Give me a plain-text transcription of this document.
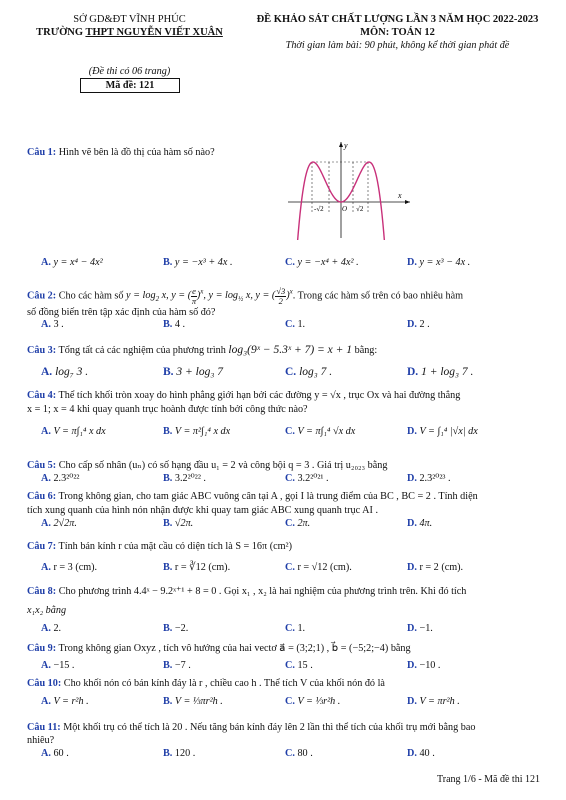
SỞ GD&ĐT VĨNH PHÚC
TRƯỜNG THPT NGUYỄN VIẾT XUÂN
(Đề thi có 06 trang)
Mã đề: 121
ĐỀ KHẢO SÁT CHẤT LƯỢNG LẦN 3 NĂM HỌC 2022-2023
MÔN: TOÁN 12
Thời gian làm bài: 90 phút, không kể thời gian phát đề
y
x
O
-√2	√2
Câu 1: Hình vẽ bên là đồ thị của hàm số nào?
A. y = x⁴ − 4x²	B. y = −x³ + 4x .	C. y = −x⁴ + 4x² .	D. y = x³ − 4x .
Câu 2: Cho các hàm số $y = \log_2 x$, y = ( $\frac{e}{\pi} )^x$, $y = \log_{\frac{1}{2}} x$, y = ( $\frac{√3}{2} )^x$. Trong các hàm số trên có bao nhiêu hàm
số đồng biến trên tập xác định của hàm số đó?
A. 3 .	B. 4 .	C. 1.	D. 2 .
Câu 3: Tổng tất cả các nghiệm của phương trình log₃(9ˣ − 5.3ˣ + 7) = x + 1 bằng:
A. log₇ 3 .	B. 3 + log₃ 7	C. log₃ 7 .	D. 1 + log₃ 7 .
Câu 4: Thể tích khối tròn xoay do hình phẳng giới hạn bởi các đường y = √x , trục Ox và hai đường thẳng
x = 1; x = 4 khi quay quanh trục hoành được tính bởi công thức nào?
A. V = π∫₁⁴ x dx	B. V = π²∫₁⁴ x dx	C. V = π∫₁⁴ √x dx	D. V = ∫₁⁴ |√x| dx
Câu 5: Cho cấp số nhân (uₙ) có số hạng đầu u₁ = 2 và công bội q = 3 . Giá trị u₂₀₂₃ bằng
A. 2.3²⁰²²	B. 3.2²⁰²² .	C. 3.2²⁰²¹ .	D. 2.3²⁰²³ .
Câu 6: Trong không gian, cho tam giác ABC vuông cân tại A , gọi I là trung điểm của BC , BC = 2 . Tính diện
tích xung quanh của hình nón nhận được khi quay tam giác ABC xung quanh trục AI .
A. 2√2π.	B. √2π.	C. 2π.	D. 4π.
Câu 7: Tính bán kính r của mặt cầu có diện tích là S = 16π (cm²)
A. r = 3 (cm).	B. r = ∛12 (cm).	C. r = √12 (cm).	D. r = 2 (cm).
Câu 8: Cho phương trình 4.4ˣ − 9.2ˣ⁺¹ + 8 = 0 . Gọi x₁ , x₂ là hai nghiệm của phương trình trên. Khi đó tích
x₁x₂ bằng
A. 2.	B. −2.	C. 1.	D. −1.
Câu 9: Trong không gian Oxyz , tích vô hướng của hai vectơ a⃗ = (3;2;1) , b⃗ = (−5;2;−4) bằng
A. −15 .	B. −7 .	C. 15 .	D. −10 .
Câu 10: Cho khối nón có bán kính đáy là r , chiều cao h . Thể tích V của khối nón đó là
A. V = r²h .	B. V = ⅓πr²h .	C. V = ⅓r²h .	D. V = πr²h .
Câu 11: Một khối trụ có thể tích là 20 . Nếu tăng bán kính đáy lên 2 lần thì thể tích của khối trụ mới bằng bao
nhiêu?
A. 60 .	B. 120 .	C. 80 .	D. 40 .
Trang 1/6 - Mã đề thi 121
